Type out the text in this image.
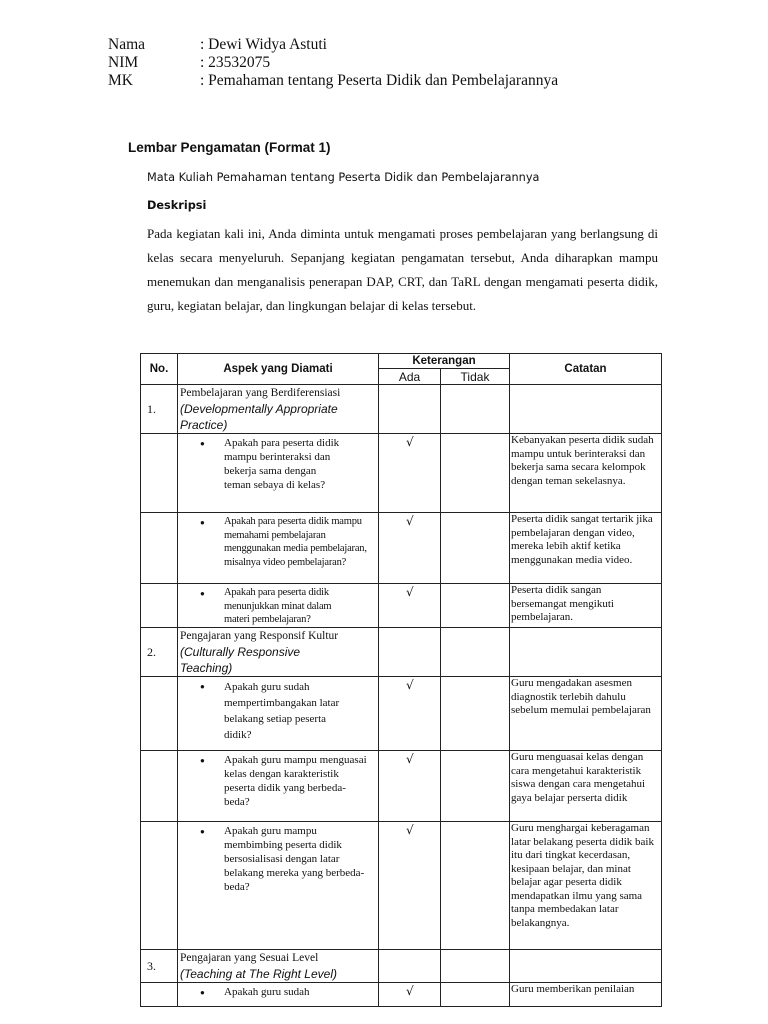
Nama	: Dewi Widya Astuti
NIM	: 23532075
MK	: Pemahaman tentang Peserta Didik dan Pembelajarannya
Lembar Pengamatan (Format 1)
Mata Kuliah Pemahaman tentang Peserta Didik dan Pembelajarannya
Deskripsi

Pada kegiatan kali ini, Anda diminta untuk mengamati proses pembelajaran yang berlangsung di kelas secara menyeluruh. Sepanjang kegiatan pengamatan tersebut, Anda diharapkan mampu menemukan dan menganalisis penerapan DAP, CRT, dan TaRL dengan mengamati peserta didik, guru, kegiatan belajar, dan lingkungan belajar di kelas tersebut.

No.	Aspek yang Diamati	Keterangan		Catatan
		Ada	Tidak	
1.	Pembelajaran yang Berdiferensiasi
(Developmentally Appropriate Practice)			

	● Apakah para peserta didik mampu berinteraksi dan bekerja sama dengan teman sebaya di kelas?	√		Kebanyakan peserta didik sudah mampu untuk berinteraksi dan bekerja sama secara kelompok dengan teman sekelasnya.

	● Apakah para peserta didik mampu memahami pembelajaran menggunakan media pembelajaran, misalnya video pembelajaran?	√		Peserta didik sangat tertarik jika pembelajaran dengan video, mereka lebih aktif ketika menggunakan media video.

	● Apakah para peserta didik menunjukkan minat dalam materi pembelajaran?	√		Peserta didik sangan bersemangat mengikuti pembelajaran.
2.	Pengajaran yang Responsif Kultur
(Culturally Responsive Teaching)			

	● Apakah guru sudah mempertimbangakan latar belakang setiap peserta didik?	√		Guru mengadakan asesmen diagnostik terlebih dahulu sebelum memulai pembelajaran

	● Apakah guru mampu menguasai kelas dengan karakteristik peserta didik yang berbeda-beda?	√		Guru menguasai kelas dengan cara mengetahui karakteristik siswa dengan cara mengetahui gaya belajar perserta didik

	● Apakah guru mampu membimbing peserta didik bersosialisasi dengan latar belakang mereka yang berbeda-beda?	√		Guru menghargai keberagaman latar belakang peserta didik baik itu dari tingkat kecerdasan, kesipaan belajar, dan minat belajar agar peserta didik mendapatkan ilmu yang sama tanpa membedakan latar belakangnya.
3.	Pengajaran yang Sesuai Level
(Teaching at The Right Level)			

	● Apakah guru sudah	√		Guru memberikan penilaian
